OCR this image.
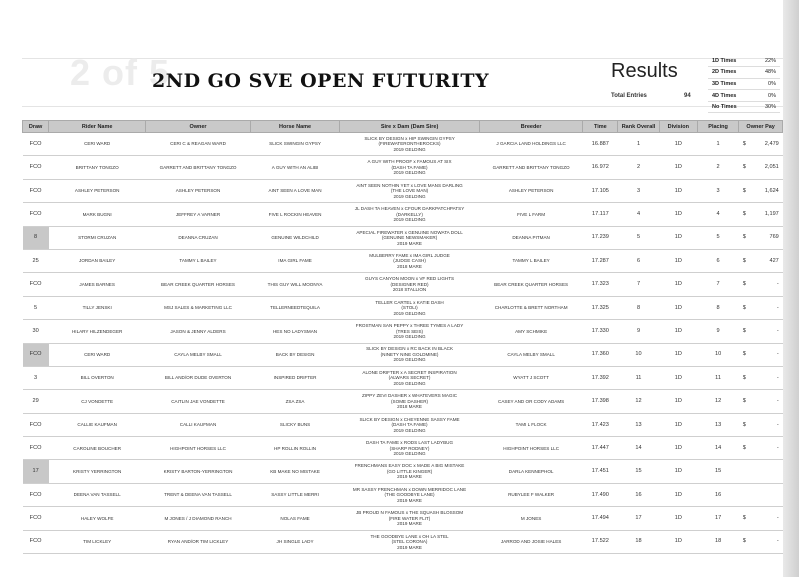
2 of 5
2ND GO SVE OPEN FUTURITY	Results
Total Entries	94
1D Times	22%
2D Times	48%
3D Times	0%
4D Times	0%
No Times	30%
Draw	Rider Name	Owner	Horse Name	Sire x Dam (Dam Sire)	Breeder	Time	Rank Overall	Division	Placing	Owner Pay
FCO	CERI WARD	CERI C & REAGAN WARD	SLICK SWINGIN GYPSY	SLICK BY DESIGN x HIP SWINGIN GYPSY
(FIREWATERONTHEROCKS)
2019 GELDING	J GARCIA LAND HOLDINGS LLC	16.887	1	1D	1	$ 2,479
FCO	BRITTANY TONGZO	GARRETT AND BRITTANY TONGZO	A GUY WITH AN ALIBI	A GUY WITH PROOF x FAMOUS AT SIX
(DASH TA FAME)
2019 GELDING	GARRETT AND BRITTANY TONGZO	16.972	2	1D	2	$ 2,051
FCO	ASHLEY PETERSON	ASHLEY PETERSON	AINT SEEN A LOVE MAN	AINT SEEN NOTHIN YET x LOVE MANS DARLING
(THE LOVE MAN)
2019 GELDING	ASHLEY PETERSON	17.105	3	1D	3	$ 1,624
FCO	MARK BUGNI	JEFFREY A VARNER	FIVE L ROCKIN HEAVEN	JL DASH TA HEAVEN x CFOUR DARKPATCHPATSY
(DARKELLY)
2019 GELDING	FIVE L FARM	17.117	4	1D	4	$ 1,197
8	STORMI CRUZAN	DEANNA CRUZAN	GENUINE WILDCHILD	APECIAL FIREWATER x GENUINE NOWATA DOLL
(GENUINE NEWSMAKER)
2019 MARE	DEANNA PITMAN	17.239	5	1D	5	$ 769
25	JORDAN BAILEY	TAMMY L BAILEY	IMA GIRL FAME	MULBERRY FAME x IMA GIRL JUDGE
(JUDGE CASH)
2018 MARE	TAMMY L BAILEY	17.287	6	1D	6	$ 427
FCO	JAMES BARNES	BEAR CREEK QUARTER HORSES	THIS GUY WILL MOONYA	GUYS CANYON MOON x VF RED LIGHTS
(DESIGNER RED)
2018 STALLION	BEAR CREEK QUARTER HORSES	17.323	7	1D	7	$ -
5	TILLY JENSKI	MSJ SALES & MARKETING LLC	TELLERNEEDTEQUILA	TELLER CARTEL x KATIE DASH
(STOLI)
2019 GELDING	CHARLOTTE & BRETT NORTHAM	17.325	8	1D	8	$ -
30	HILARY HILZENDEGER	JASON & JENNY ALDERS	HES NO LADYSMAN	FROSTMAN SAN PEPPY x THREE TYMES A LADY
(TRES SEIS)
2019 GELDING	AMY SCHMIKE	17.330	9	1D	9	$ -
FCO	CERI WARD	CAYLA MELBY SMALL	BACK BY DESIGN	SLICK BY DESIGN x RC BACK IN BLACK
(NINETY NINE GOLDMINE)
2019 GELDING	CAYLA MELBY SMALL	17.360	10	1D	10	$ -
3	BILL OVERTON	BILL AND/OR DUDE OVERTON	INSPIRED DRIFTER	ALONE DRIFTER x A SECRET INSPIRATION
(ALWARS SECRET)
2019 GELDING	WYATT J SCOTT	17.392	11	1D	11	$ -
29	CJ VONDETTE	CAITLIN JAE VONDETTE	ZSA ZSA	ZIPPY ZEVI DASHER x WHATEVERS MAGIC
(SOME DASHER)
2018 MARE	CASEY AND OR CODY ADAMS	17.398	12	1D	12	$ -
FCO	CALLIE KAUFMAN	CALLI KAUFMAN	SLICKY BUNS	SLICK BY DESIGN x CHEYENNE SASSY FAME
(DASH TA FAME)
2019 GELDING	TAMI L FLOCK	17.423	13	1D	13	$ -
FCO	CAROLINE BOUCHER	HIGHPOINT HORSES LLC	HP ROLLIN ROLLIN	DASH TA FAME x RODS LAST LADYBUG
(SHARP RODNEY)
2019 GELDING	HIGHPOINT HORSES LLC	17.447	14	1D	14	$ -
17	KRISTY YERRINGTON	KRISTY BARTON-YERRINGTON	KB MAKE NO MISTAKE	FRENCHMANS EASY DOC x MADE A BIG MISTAKE
(GO LITTLE KINGER)
2019 MARE	DARLA KENNEPHOL	17.451	15	1D	15	
FCO	DEENA VAN TASSELL	TRENT & DEENA VAN TASSELL	SASSY LITTLE MERRI	MR SASSY FRENCHMAN x DOWN MERRIDOC LANE
(THE GOODBYE LANE)
2019 MARE	RUBYLEE F WALKER	17.490	16	1D	16	
FCO	HALEY WOLFE	M JONES / J DIAMOND RANCH	NOLAS FAME	JB PROUD N FAMOUS x THE SQUASH BLOSSOM
(FIRE WATER FLIT)
2019 MARE	M JONES	17.494	17	1D	17	$ -
FCO	TIM LICKLEY	RYAN AND/OR TIM LICKLEY	JH SINGLE LADY	THE GOODBYE LANE x OH LA STEL
(STEL CORONA)
2019 MARE	JARROD AND JOSIE HALES	17.522	18	1D	18	$ -
